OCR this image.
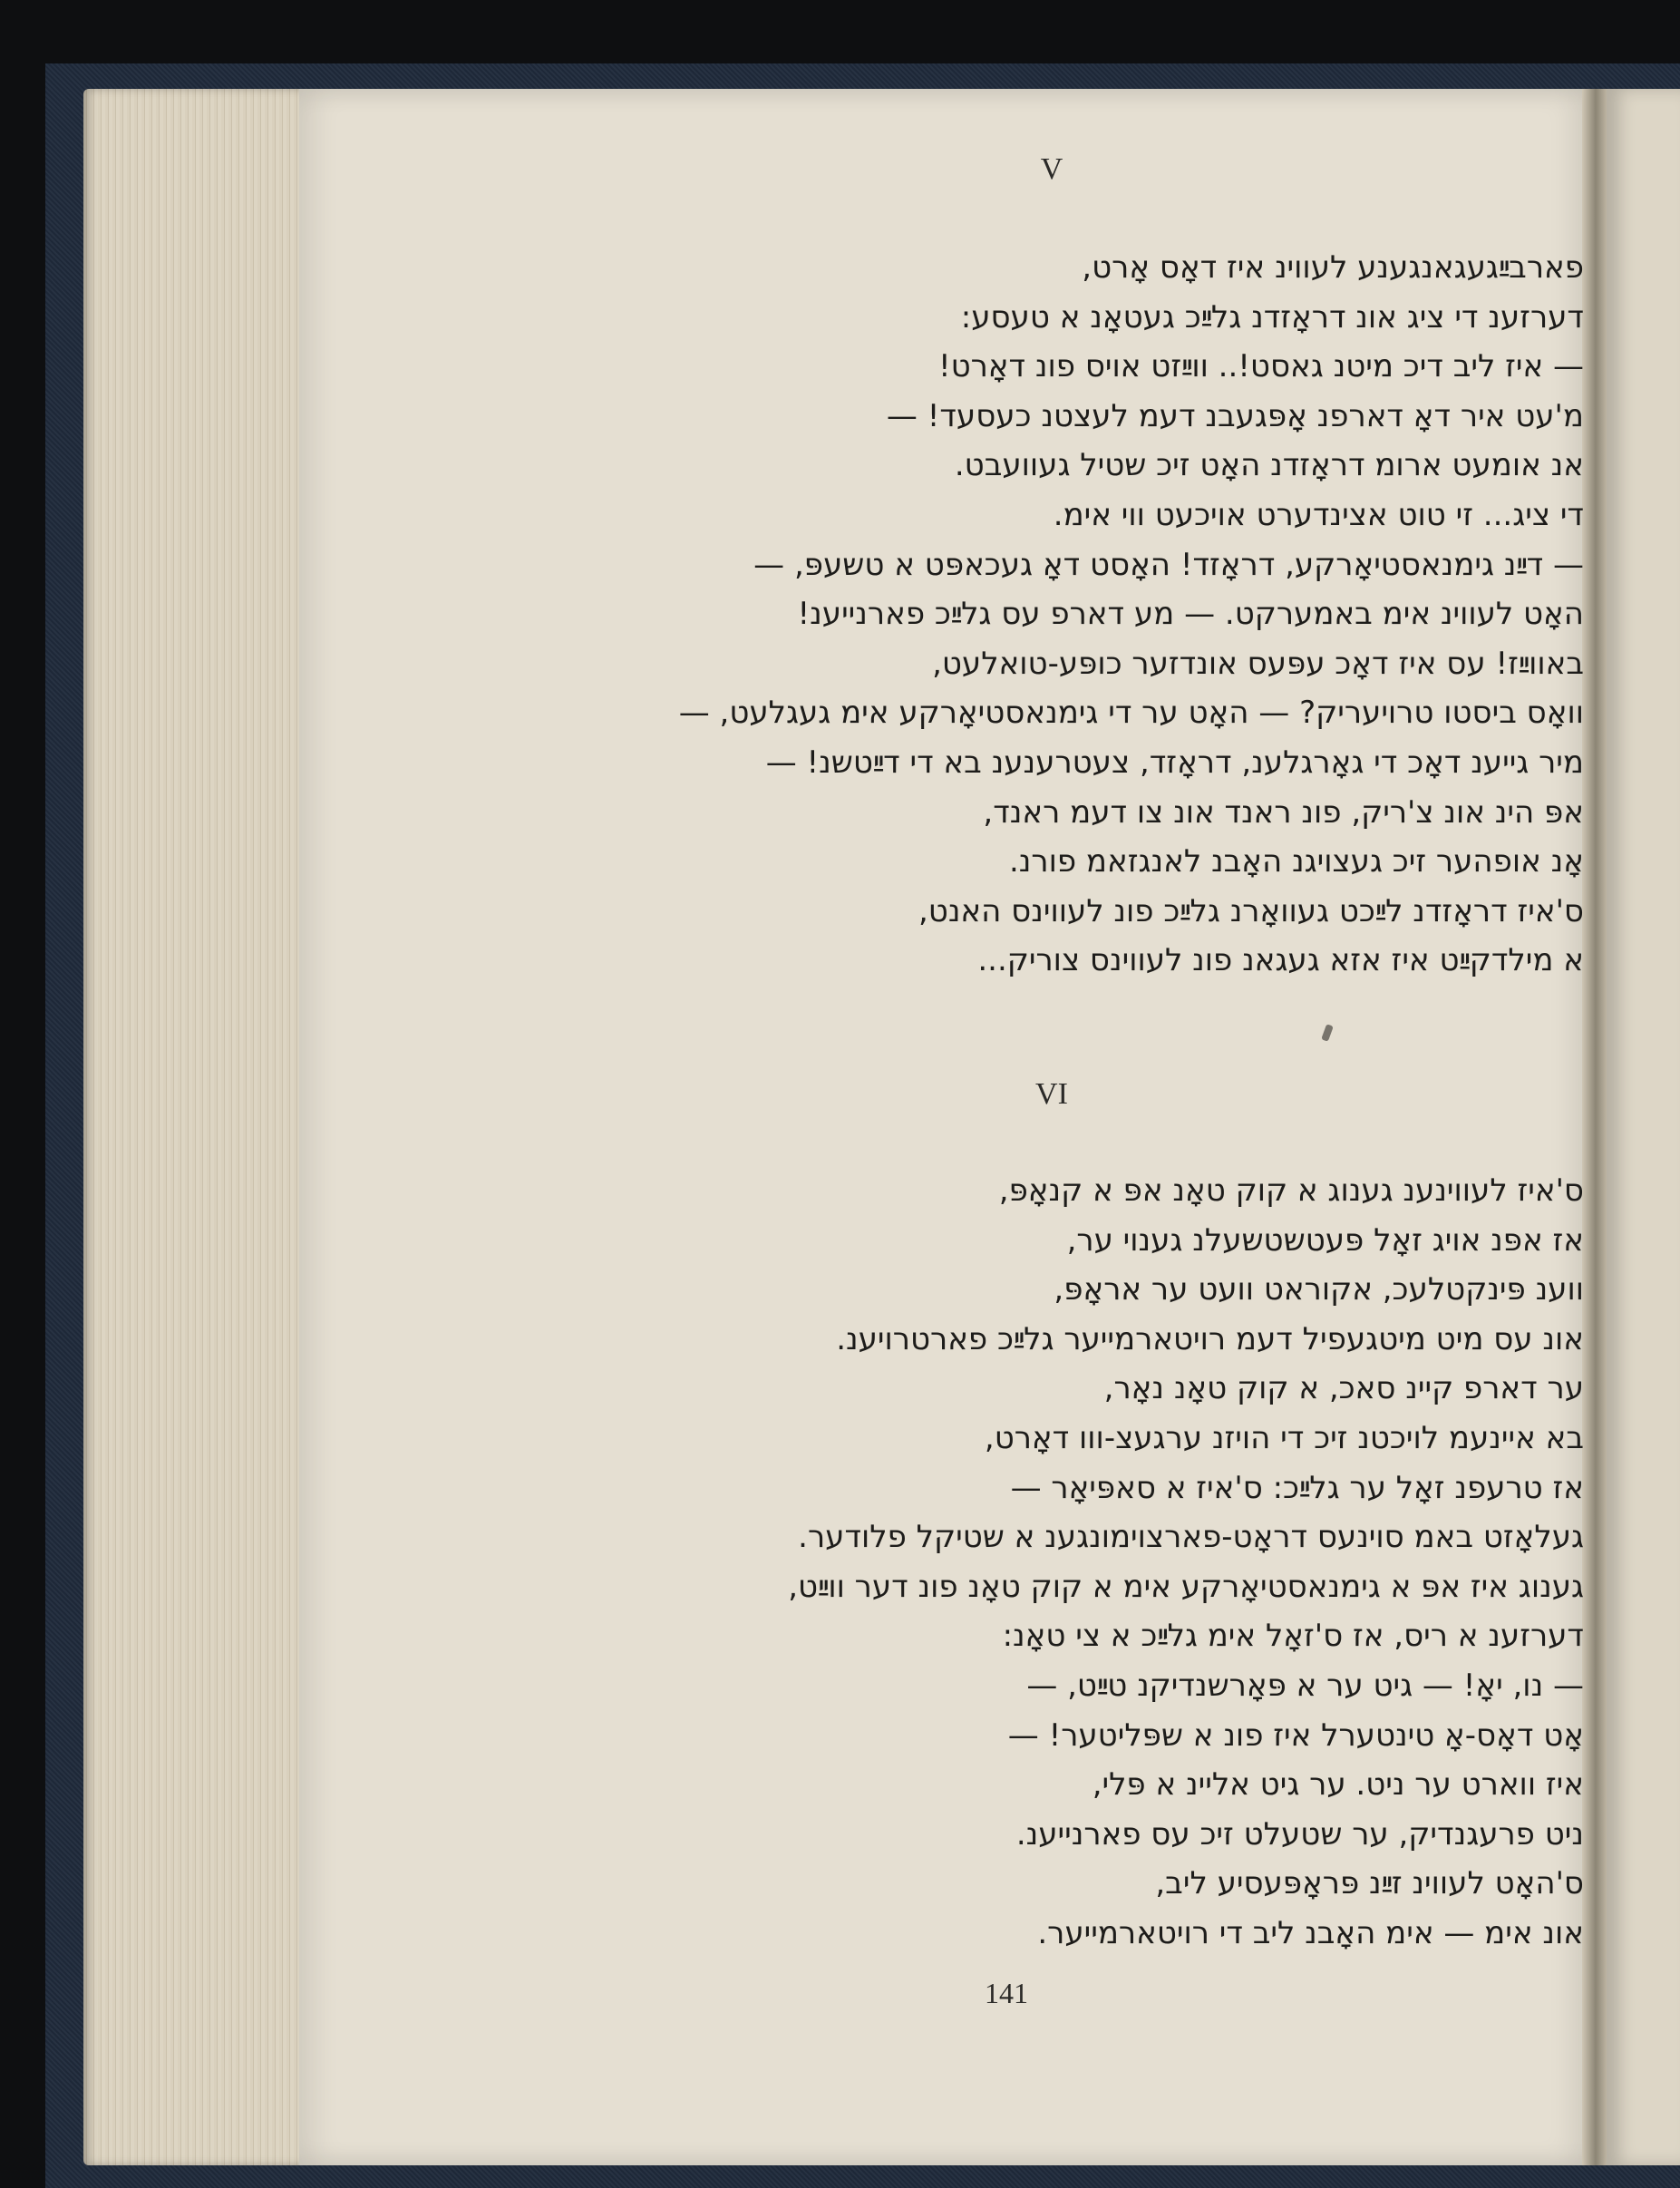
V
פארבײַגעגאנגענע לעווינ איז דאָס אָרט,
דערזענ די ציג אונ דראָזדנ גלײַכ געטאָנ א טעסע:
— איז ליב דיכ מיטנ גאסט!.. ווײַזט אויס פונ דאָרט!
מ'עט איר דאָ דארפנ אָפּגעבנ דעמ לעצטנ כעסעד! —
אנ אומעט ארומ דראָזדנ האָט זיכ שטיל געוועבט.
די ציג... זי טוט אצינדערט אויכעט ווי אימ.
— דײַנ גימנאסטיאָרקע, דראָזד! האָסט דאָ געכאפּט א טשעפּ, —
האָט לעווינ אימ באמערקט. — מע דארפ עס גלײַכ פארנייענ!
באווײַז! עס איז דאָכ עפּעס אונדזער כופּע-טואלעט,
וואָס ביסטו טרויעריק? — האָט ער די גימנאסטיאָרקע אימ געגלעט, —
מיר גייענ דאָכ די גאָרגלענ, דראָזד, צעטרענענ בא די דײַטשנ! —
אפּ הינ אונ צ'ריק, פונ ראנד אונ צו דעמ ראנד,
אָנ אופהער זיכ געצויגנ האָבנ לאנגזאמ פורנ.
ס'איז דראָזדנ לײַכט געוואָרנ גלײַכ פונ לעווינס האנט,
א מילדקײַט איז אזא געגאנ פונ לעווינס צוריק...
VI
ס'איז לעווינענ גענוג א קוק טאָנ אפּ א קנאָפּ,
אז אפּנ אויג זאָל פּעטשטשעלנ גענוי ער,
ווענ פּינקטלעכ, אקוראט וועט ער אראָפּ,
אונ עס מיט מיטגעפיל דעמ רויטארמייער גלײַכ פארטרויענ.
ער דארפ קיינ סאכ, א קוק טאָנ נאָר,
בא איינעמ לויכטנ זיכ די הויזנ ערגעצ-ווו דאָרט,
אז טרעפנ זאָל ער גלײַכ: ס'איז א סאפּיאָר —
געלאָזט באמ סוינעס דראָט-פארצוימונגענ א שטיקל פלודער.
גענוג איז אפּ א גימנאסטיאָרקע אימ א קוק טאָנ פונ דער ווײַט,
דערזענ א ריס, אז ס'זאָל אימ גלײַכ א צי טאָנ:
— נו, יאָ! — גיט ער א פּאָרשנדיקנ טײַט, —
אָט דאָס-אָ טינטערל איז פונ א שפּליטער! —
איז ווארט ער ניט. ער גיט אליינ א פּלי,
ניט פרעגנדיק, ער שטעלט זיכ עס פארנייענ.
ס'האָט לעווינ זײַנ פּראָפּעסיע ליב,
אונ אימ — אימ האָבנ ליב די רויטארמייער.
141
